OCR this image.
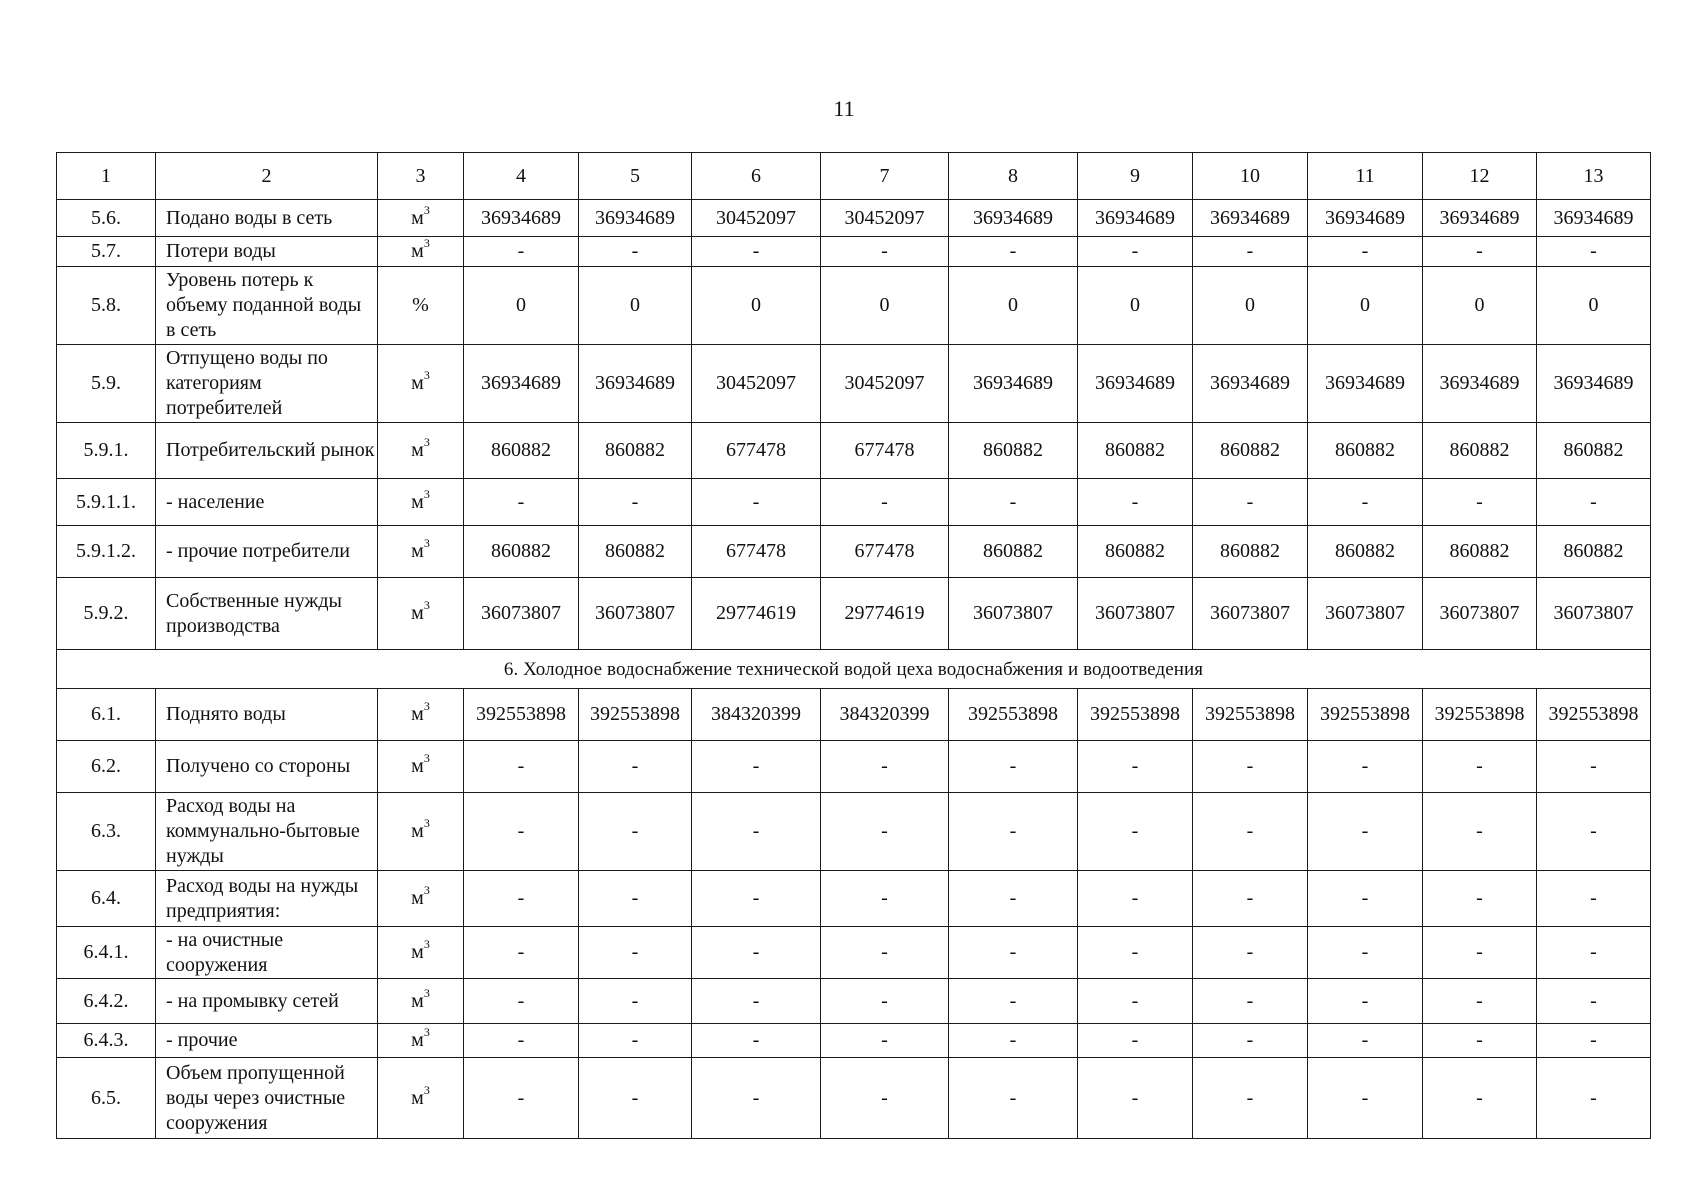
11
1	2	3	4	5	6	7	8	9	10	11	12	13
5.6.	Подано воды в сеть	$м^3$	36934689	36934689	30452097	30452097	36934689	36934689	36934689	36934689	36934689	36934689
5.7.	Потери воды	$м^3$	-	-	-	-	-	-	-	-	-	-
5.8.	Уровень потерь к объему поданной воды в сеть	%	0	0	0	0	0	0	0	0	0	0
5.9.	Отпущено воды по категориям потребителей	$м^3$	36934689	36934689	30452097	30452097	36934689	36934689	36934689	36934689	36934689	36934689
5.9.1.	Потребительский рынок	$м^3$	860882	860882	677478	677478	860882	860882	860882	860882	860882	860882
5.9.1.1.	- население	$м^3$	-	-	-	-	-	-	-	-	-	-
5.9.1.2.	- прочие потребители	$м^3$	860882	860882	677478	677478	860882	860882	860882	860882	860882	860882
5.9.2.	Собственные нужды производства	$м^3$	36073807	36073807	29774619	29774619	36073807	36073807	36073807	36073807	36073807	36073807
6. Холодное водоснабжение технической водой цеха водоснабжения и водоотведения												
6.1.	Поднято воды	$м^3$	392553898	392553898	384320399	384320399	392553898	392553898	392553898	392553898	392553898	392553898
6.2.	Получено со стороны	$м^3$	-	-	-	-	-	-	-	-	-	-
6.3.	Расход воды на коммунально-бытовые нужды	$м^3$	-	-	-	-	-	-	-	-	-	-
6.4.	Расход воды на нужды предприятия:	$м^3$	-	-	-	-	-	-	-	-	-	-
6.4.1.	- на очистные сооружения	$м^3$	-	-	-	-	-	-	-	-	-	-
6.4.2.	- на промывку сетей	$м^3$	-	-	-	-	-	-	-	-	-	-
6.4.3.	- прочие	$м^3$	-	-	-	-	-	-	-	-	-	-
6.5.	Объем пропущенной воды через очистные сооружения	$м^3$	-	-	-	-	-	-	-	-	-	-
